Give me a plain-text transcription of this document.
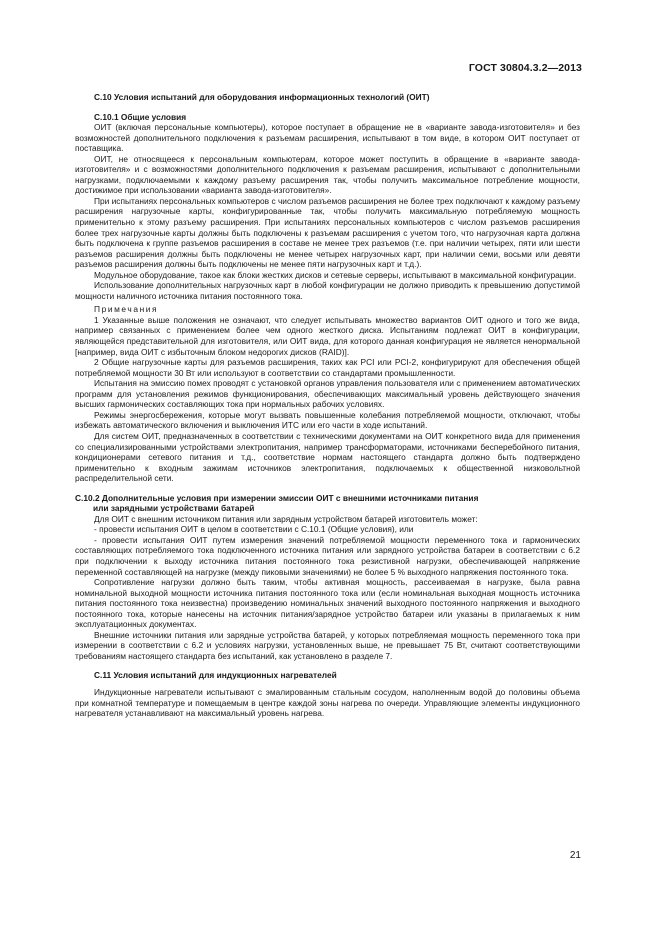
ГОСТ 30804.3.2—2013

С.10 Условия испытаний для оборудования информационных технологий (ОИТ)

С.10.1 Общие условия

ОИТ (включая персональные компьютеры), которое поступает в обращение не в «варианте завода-изготовителя» и без возможностей дополнительного подключения к разъемам расширения, испытывают в том виде, в котором ОИТ поступает от поставщика.

ОИТ, не относящееся к персональным компьютерам, которое может поступить в обращение в «варианте завода-изготовителя» и с возможностями дополнительного подключения к разъемам расширения, испытывают с дополнительными нагрузками, подключаемыми к каждому разъему расширения так, чтобы получить максимальное потребление мощности, достижимое при использовании «варианта завода-изготовителя».

При испытаниях персональных компьютеров с числом разъемов расширения не более трех подключают к каждому разъему расширения нагрузочные карты, конфигурированные так, чтобы получить максимальную потребляемую мощность применительно к этому разъему расширения. При испытаниях персональных компьютеров с числом разъемов расширения более трех нагрузочные карты должны быть подключены к разъемам расширения с учетом того, что нагрузочная карта должна быть подключена к группе разъемов расширения в составе не менее трех разъемов (т.е. при наличии четырех, пяти или шести разъемов расширения должны быть подключены не менее четырех нагрузочных карт, при наличии семи, восьми или девяти разъемов расширения должны быть подключены не менее пяти нагрузочных карт и т.д.).

Модульное оборудование, такое как блоки жестких дисков и сетевые серверы, испытывают в максимальной конфигурации.

Использование дополнительных нагрузочных карт в любой конфигурации не должно приводить к превышению допустимой мощности наличного источника питания постоянного тока.

Примечания

1 Указанные выше положения не означают, что следует испытывать множество вариантов ОИТ одного и того же вида, например связанных с применением более чем одного жесткого диска. Испытаниям подлежат ОИТ в конфигурации, являющейся представительной для изготовителя, или ОИТ вида, для которого данная конфигурация не является ненормальной [например, вида ОИТ с избыточным блоком недорогих дисков (RAID)].

2 Общие нагрузочные карты для разъемов расширения, таких как PCI или PCI-2, конфигурируют для обеспечения общей потребляемой мощности 30 Вт или используют в соответствии со стандартами промышленности.

Испытания на эмиссию помех проводят с установкой органов управления пользователя или с применением автоматических программ для установления режимов функционирования, обеспечивающих максимальный уровень действующего значения высших гармонических составляющих тока при нормальных рабочих условиях.

Режимы энергосбережения, которые могут вызвать повышенные колебания потребляемой мощности, отключают, чтобы избежать автоматического включения и выключения ИТС или его части в ходе испытаний.

Для систем ОИТ, предназначенных в соответствии с техническими документами на ОИТ конкретного вида для применения со специализированными устройствами электропитания, например трансформаторами, источниками бесперебойного питания, кондиционерами сетевого питания и т.д., соответствие нормам настоящего стандарта должно быть подтверждено применительно к входным зажимам источников электропитания, подключаемых к общественной низковольтной распределительной сети.

С.10.2 Дополнительные условия при измерении эмиссии ОИТ с внешними источниками питания
или зарядными устройствами батарей

Для ОИТ с внешним источником питания или зарядным устройством батарей изготовитель может:

- провести испытания ОИТ в целом в соответствии с С.10.1 (Общие условия), или

- провести испытания ОИТ путем измерения значений потребляемой мощности переменного тока и гармонических составляющих потребляемого тока подключенного источника питания или зарядного устройства батареи в соответствии с 6.2 при подключении к выходу источника питания постоянного тока резистивной нагрузки, обеспечивающей напряжение переменной составляющей на нагрузке (между пиковыми значениями) не более 5 % выходного напряжения постоянного тока.

Сопротивление нагрузки должно быть таким, чтобы активная мощность, рассеиваемая в нагрузке, была равна номинальной выходной мощности источника питания постоянного тока или (если номинальная выходная мощность источника питания постоянного тока неизвестна) произведению номинальных значений выходного постоянного напряжения и выходного постоянного тока, которые нанесены на источник питания/зарядное устройство батареи или указаны в прилагаемых к ним эксплуатационных документах.

Внешние источники питания или зарядные устройства батарей, у которых потребляемая мощность переменного тока при измерении в соответствии с 6.2 и условиях нагрузки, установленных выше, не превышает 75 Вт, считают соответствующими требованиям настоящего стандарта без испытаний, как установлено в разделе 7.

С.11 Условия испытаний для индукционных нагревателей

Индукционные нагреватели испытывают с эмалированным стальным сосудом, наполненным водой до половины объема при комнатной температуре и помещаемым в центре каждой зоны нагрева по очереди. Управляющие элементы индукционного нагревателя устанавливают на максимальный уровень нагрева.

21
